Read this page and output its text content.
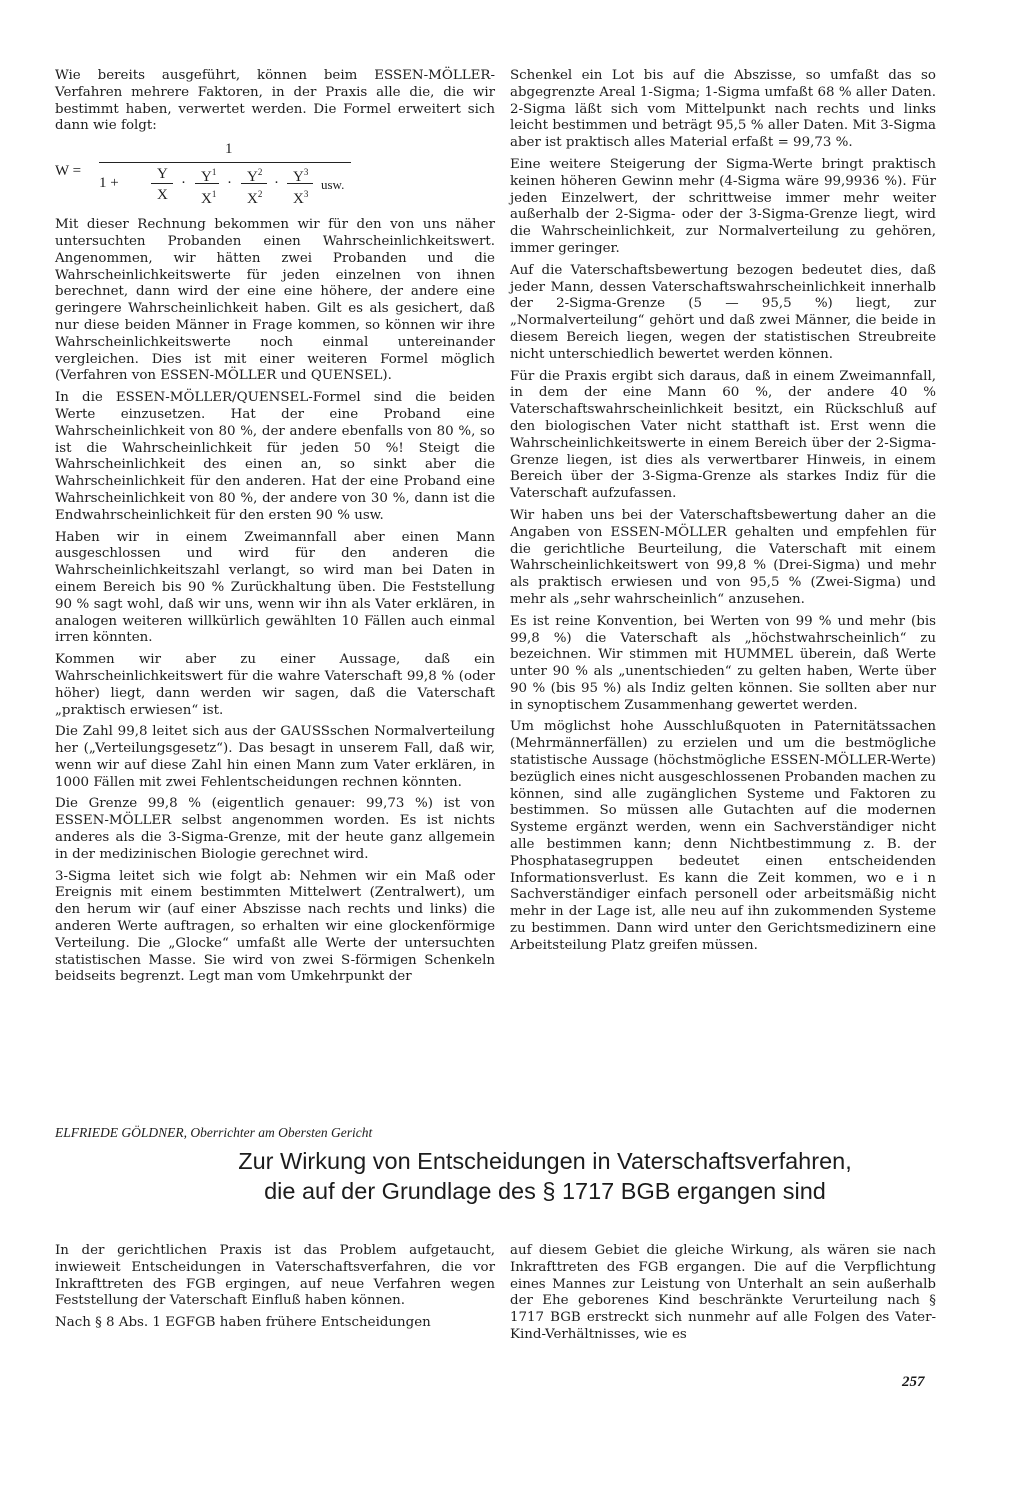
Wie bereits ausgeführt, können beim ESSEN-MÖLLER-Verfahren mehrere Faktoren, in der Praxis alle die, die wir bestimmt haben, verwertet werden. Die Formel erweitert sich dann wie folgt:

W =
1
1 +
Y
X
· $Y^1$
$X^1$
· $Y^2$
$X^2$
· $Y^3$
$X^3$
usw.

Mit dieser Rechnung bekommen wir für den von uns näher untersuchten Probanden einen Wahrscheinlichkeitswert. Angenommen, wir hätten zwei Probanden und die Wahrscheinlichkeitswerte für jeden einzelnen von ihnen berechnet, dann wird der eine eine höhere, der andere eine geringere Wahrscheinlichkeit haben. Gilt es als gesichert, daß nur diese beiden Männer in Frage kommen, so können wir ihre Wahrscheinlichkeitswerte noch einmal untereinander vergleichen. Dies ist mit einer weiteren Formel möglich (Verfahren von ESSEN-MÖLLER und QUENSEL).

In die ESSEN-MÖLLER/QUENSEL-Formel sind die beiden Werte einzusetzen. Hat der eine Proband eine Wahrscheinlichkeit von 80 %, der andere ebenfalls von 80 %, so ist die Wahrscheinlichkeit für jeden 50 %! Steigt die Wahrscheinlichkeit des einen an, so sinkt aber die Wahrscheinlichkeit für den anderen. Hat der eine Proband eine Wahrscheinlichkeit von 80 %, der andere von 30 %, dann ist die Endwahrscheinlichkeit für den ersten 90 % usw.

Haben wir in einem Zweimannfall aber einen Mann ausgeschlossen und wird für den anderen die Wahrscheinlichkeitszahl verlangt, so wird man bei Daten in einem Bereich bis 90 % Zurückhaltung üben. Die Feststellung 90 % sagt wohl, daß wir uns, wenn wir ihn als Vater erklären, in analogen weiteren willkürlich gewählten 10 Fällen auch einmal irren könnten.

Kommen wir aber zu einer Aussage, daß ein Wahrscheinlichkeitswert für die wahre Vaterschaft 99,8 % (oder höher) liegt, dann werden wir sagen, daß die Vaterschaft „praktisch erwiesen“ ist.

Die Zahl 99,8 leitet sich aus der GAUSSschen Normalverteilung her („Verteilungsgesetz“). Das besagt in unserem Fall, daß wir, wenn wir auf diese Zahl hin einen Mann zum Vater erklären, in 1000 Fällen mit zwei Fehlentscheidungen rechnen könnten.

Die Grenze 99,8 % (eigentlich genauer: 99,73 %) ist von ESSEN-MÖLLER selbst angenommen worden. Es ist nichts anderes als die 3-Sigma-Grenze, mit der heute ganz allgemein in der medizinischen Biologie gerechnet wird.

3-Sigma leitet sich wie folgt ab: Nehmen wir ein Maß oder Ereignis mit einem bestimmten Mittelwert (Zentralwert), um den herum wir (auf einer Abszisse nach rechts und links) die anderen Werte auftragen, so erhalten wir eine glockenförmige Verteilung. Die „Glocke“ umfaßt alle Werte der untersuchten statistischen Masse. Sie wird von zwei S-förmigen Schenkeln beidseits begrenzt. Legt man vom Umkehrpunkt der

Schenkel ein Lot bis auf die Abszisse, so umfaßt das so abgegrenzte Areal 1-Sigma; 1-Sigma umfaßt 68 % aller Daten. 2-Sigma läßt sich vom Mittelpunkt nach rechts und links leicht bestimmen und beträgt 95,5 % aller Daten. Mit 3-Sigma aber ist praktisch alles Material erfaßt = 99,73 %.

Eine weitere Steigerung der Sigma-Werte bringt praktisch keinen höheren Gewinn mehr (4-Sigma wäre 99,9936 %). Für jeden Einzelwert, der schrittweise immer mehr weiter außerhalb der 2-Sigma- oder der 3-Sigma-Grenze liegt, wird die Wahrscheinlichkeit, zur Normalverteilung zu gehören, immer geringer.

Auf die Vaterschaftsbewertung bezogen bedeutet dies, daß jeder Mann, dessen Vaterschaftswahrscheinlichkeit innerhalb der 2-Sigma-Grenze (5 — 95,5 %) liegt, zur „Normalverteilung“ gehört und daß zwei Männer, die beide in diesem Bereich liegen, wegen der statistischen Streubreite nicht unterschiedlich bewertet werden können.

Für die Praxis ergibt sich daraus, daß in einem Zweimannfall, in dem der eine Mann 60 %, der andere 40 % Vaterschaftswahrscheinlichkeit besitzt, ein Rückschluß auf den biologischen Vater nicht statthaft ist. Erst wenn die Wahrscheinlichkeitswerte in einem Bereich über der 2-Sigma-Grenze liegen, ist dies als verwertbarer Hinweis, in einem Bereich über der 3-Sigma-Grenze als starkes Indiz für die Vaterschaft aufzufassen.

Wir haben uns bei der Vaterschaftsbewertung daher an die Angaben von ESSEN-MÖLLER gehalten und empfehlen für die gerichtliche Beurteilung, die Vaterschaft mit einem Wahrscheinlichkeitswert von 99,8 % (Drei-Sigma) und mehr als praktisch erwiesen und von 95,5 % (Zwei-Sigma) und mehr als „sehr wahrscheinlich“ anzusehen.

Es ist reine Konvention, bei Werten von 99 % und mehr (bis 99,8 %) die Vaterschaft als „höchstwahrscheinlich“ zu bezeichnen. Wir stimmen mit HUMMEL überein, daß Werte unter 90 % als „unentschieden“ zu gelten haben, Werte über 90 % (bis 95 %) als Indiz gelten können. Sie sollten aber nur in synoptischem Zusammenhang gewertet werden.

Um möglichst hohe Ausschlußquoten in Paternitätssachen (Mehrmännerfällen) zu erzielen und um die bestmögliche statistische Aussage (höchstmögliche ESSEN-MÖLLER-Werte) bezüglich eines nicht ausgeschlossenen Probanden machen zu können, sind alle zugänglichen Systeme und Faktoren zu bestimmen. So müssen alle Gutachten auf die modernen Systeme ergänzt werden, wenn ein Sachverständiger nicht alle bestimmen kann; denn Nichtbestimmung z. B. der Phosphatasegruppen bedeutet einen entscheidenden Informationsverlust. Es kann die Zeit kommen, wo e i n Sachverständiger einfach personell oder arbeitsmäßig nicht mehr in der Lage ist, alle neu auf ihn zukommenden Systeme zu bestimmen. Dann wird unter den Gerichtsmedizinern eine Arbeitsteilung Platz greifen müssen.

ELFRIEDE GÖLDNER, Oberrichter am Obersten Gericht
Zur Wirkung von Entscheidungen in Vaterschaftsverfahren,
die auf der Grundlage des § 1717 BGB ergangen sind

In der gerichtlichen Praxis ist das Problem aufgetaucht, inwieweit Entscheidungen in Vaterschaftsverfahren, die vor Inkrafttreten des FGB ergingen, auf neue Verfahren wegen Feststellung der Vaterschaft Einfluß haben können.

Nach § 8 Abs. 1 EGFGB haben frühere Entscheidungen

auf diesem Gebiet die gleiche Wirkung, als wären sie nach Inkrafttreten des FGB ergangen. Die auf die Verpflichtung eines Mannes zur Leistung von Unterhalt an sein außerhalb der Ehe geborenes Kind beschränkte Verurteilung nach § 1717 BGB erstreckt sich nunmehr auf alle Folgen des Vater-Kind-Verhältnisses, wie es

257
